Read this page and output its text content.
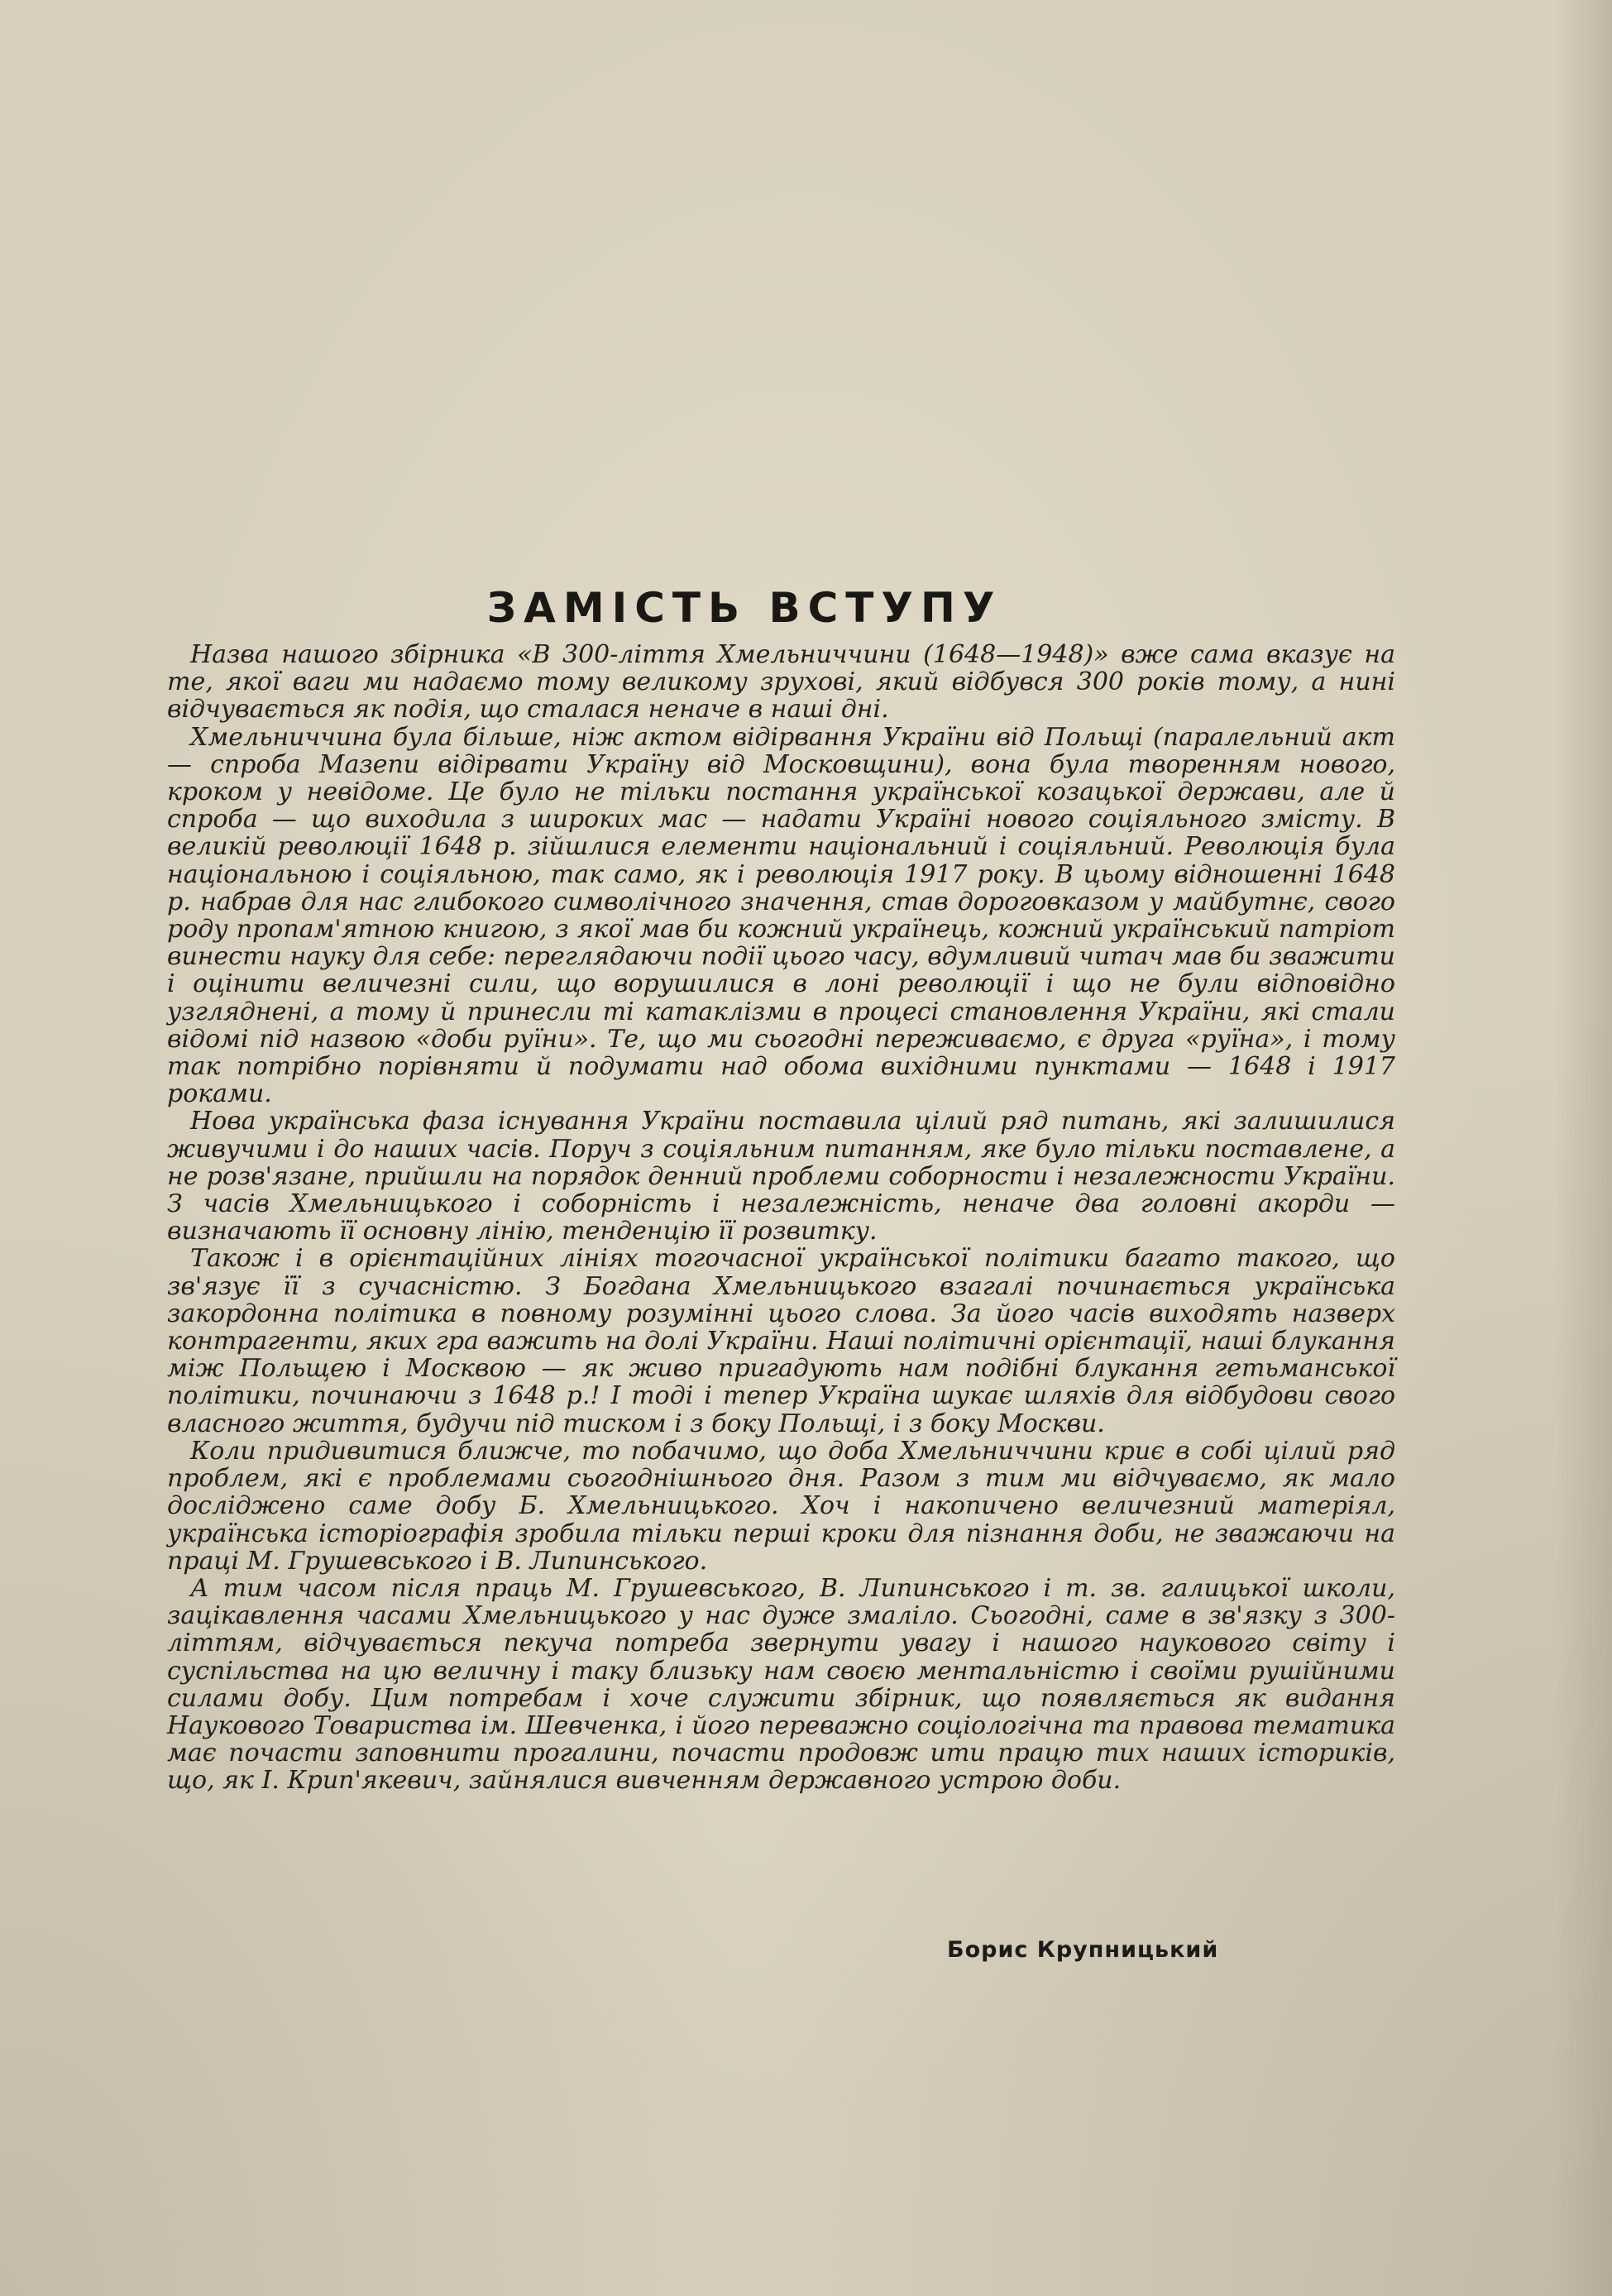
ЗАМІСТЬ ВСТУПУ

Назва нашого збірника «В 300-ліття Хмельниччини (1648—1948)» вже сама вказує на те, якої ваги ми надаємо тому великому зрухові, який відбувся 300 років тому, а нині відчувається як подія, що сталася неначе в наші дні.

Хмельниччина була більше, ніж актом відірвання України від Польщі (паралельний акт — спроба Мазепи відірвати Україну від Московщини), вона була твоpенням нового, кроком у невідоме. Це було не тільки постання української козацької держави, але й спроба — що виходила з широких мас — надати Україні нового соціяльного змісту. В великій революції 1648 р. зійшлися елементи національний і соціяльний. Революція була національною і соціяльною, так само, як і революція 1917 року. В цьому відношенні 1648 р. набрав для нас глибокого символічного значення, став дороговказом у майбутнє, свого роду пропам'ятною книгою, з якої мав би кожний українець, кожний український патріот винести науку для себе: переглядаючи події цього часу, вдумливий читач мав би зважити і оцінити величезні сили, що ворушилися в лоні революції і що не були відповідно узгляднені, а тому й принесли ті катаклізми в процесі становлення України, які стали відомі під назвою «доби руїни». Те, що ми сьогодні переживаємо, є друга «руїна», і тому так потрібно порівняти й подумати над обома вихідними пунктами — 1648 і 1917 роками.

Нова українська фаза існування України поставила цілий ряд питань, які залишилися живучими і до наших часів. Поруч з соціяльним питанням, яке було тільки поставлене, а не розв'язане, прийшли на порядок денний проблеми соборности і незалежности України. З часів Хмельницького і соборність і незалежність, неначе два головні акорди — визначають її основну лінію, тенденцію її розвитку.

Також і в орієнтаційних лініях тогочасної української політики багато такого, що зв'язує її з сучасністю. З Богдана Хмельницького взагалі починається українська закордонна політика в повному розумінні цього слова. За його часів виходять назверх контрагенти, яких гра важить на долі України. Наші політичні орієнтації, наші блукання між Польщею і Москвою — як живо пригадують нам подібні блукання гетьманської політики, починаючи з 1648 р.! І тоді і тепер Україна шукає шляхів для відбудови свого власного життя, будучи під тиском і з боку Польщі, і з боку Москви.

Коли придивитися ближче, то побачимо, що доба Хмельниччини криє в собі цілий ряд проблем, які є проблемами сьогоднішнього дня. Разом з тим ми відчуваємо, як мало досліджено саме добу Б. Хмельницького. Хоч і накопичено величезний матеріял, українська історіографія зробила тільки перші кроки для пізнання доби, не зважаючи на праці М. Грушевського і В. Липинського.

А тим часом після праць М. Грушевського, В. Липинського і т. зв. галицької школи, зацікавлення часами Хмельницького у нас дуже змаліло. Сьогодні, саме в зв'язку з 300-літтям, відчувається пекуча потреба звернути увагу і нашого наукового світу і суспільства на цю величну і таку близьку нам своєю ментальністю і своїми рушійними силами добу. Цим потребам і хоче служити збірник, що появляється як видання Наукового Товариства ім. Шевченка, і його переважно соціологічна та правова тематика має почасти заповнити прогалини, почасти продовж ити працю тих наших істориків, що, як І. Крип'якевич, зайнялися вивченням державного устрою доби.

Борис Крупницький
